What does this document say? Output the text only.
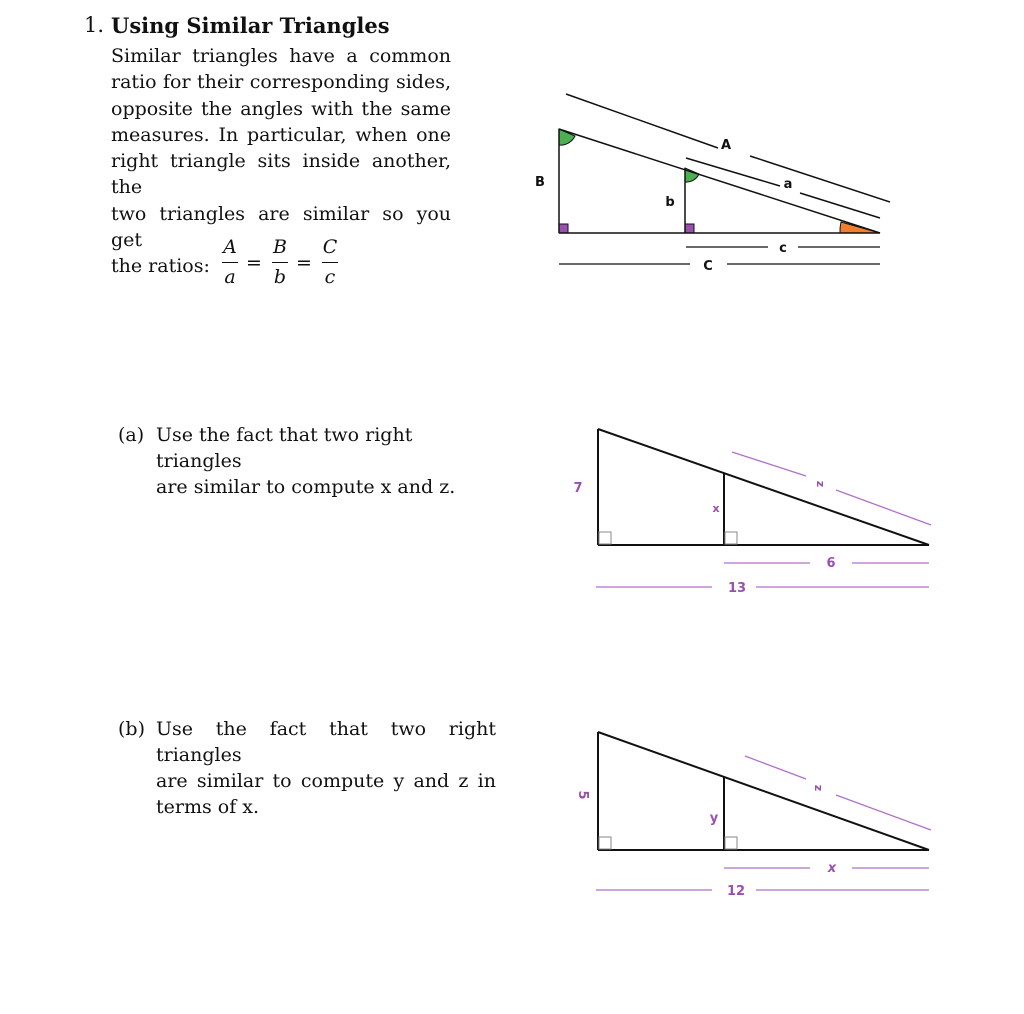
1. Using Similar Triangles
Similar triangles have a common
ratio for their corresponding sides,
opposite the angles with the same
measures. In particular, when one
right triangle sits inside another, the
two triangles are similar so you get
the ratios:
A
a
=
B
b
=
C
c
A
a
B
b
C
c
(a) Use the fact that two right triangles
are similar to compute x and z.	7
x
z
9
13
(b) Use the fact that two right triangles
are similar to compute y and z in
terms of x.
5
y
z
x
12
